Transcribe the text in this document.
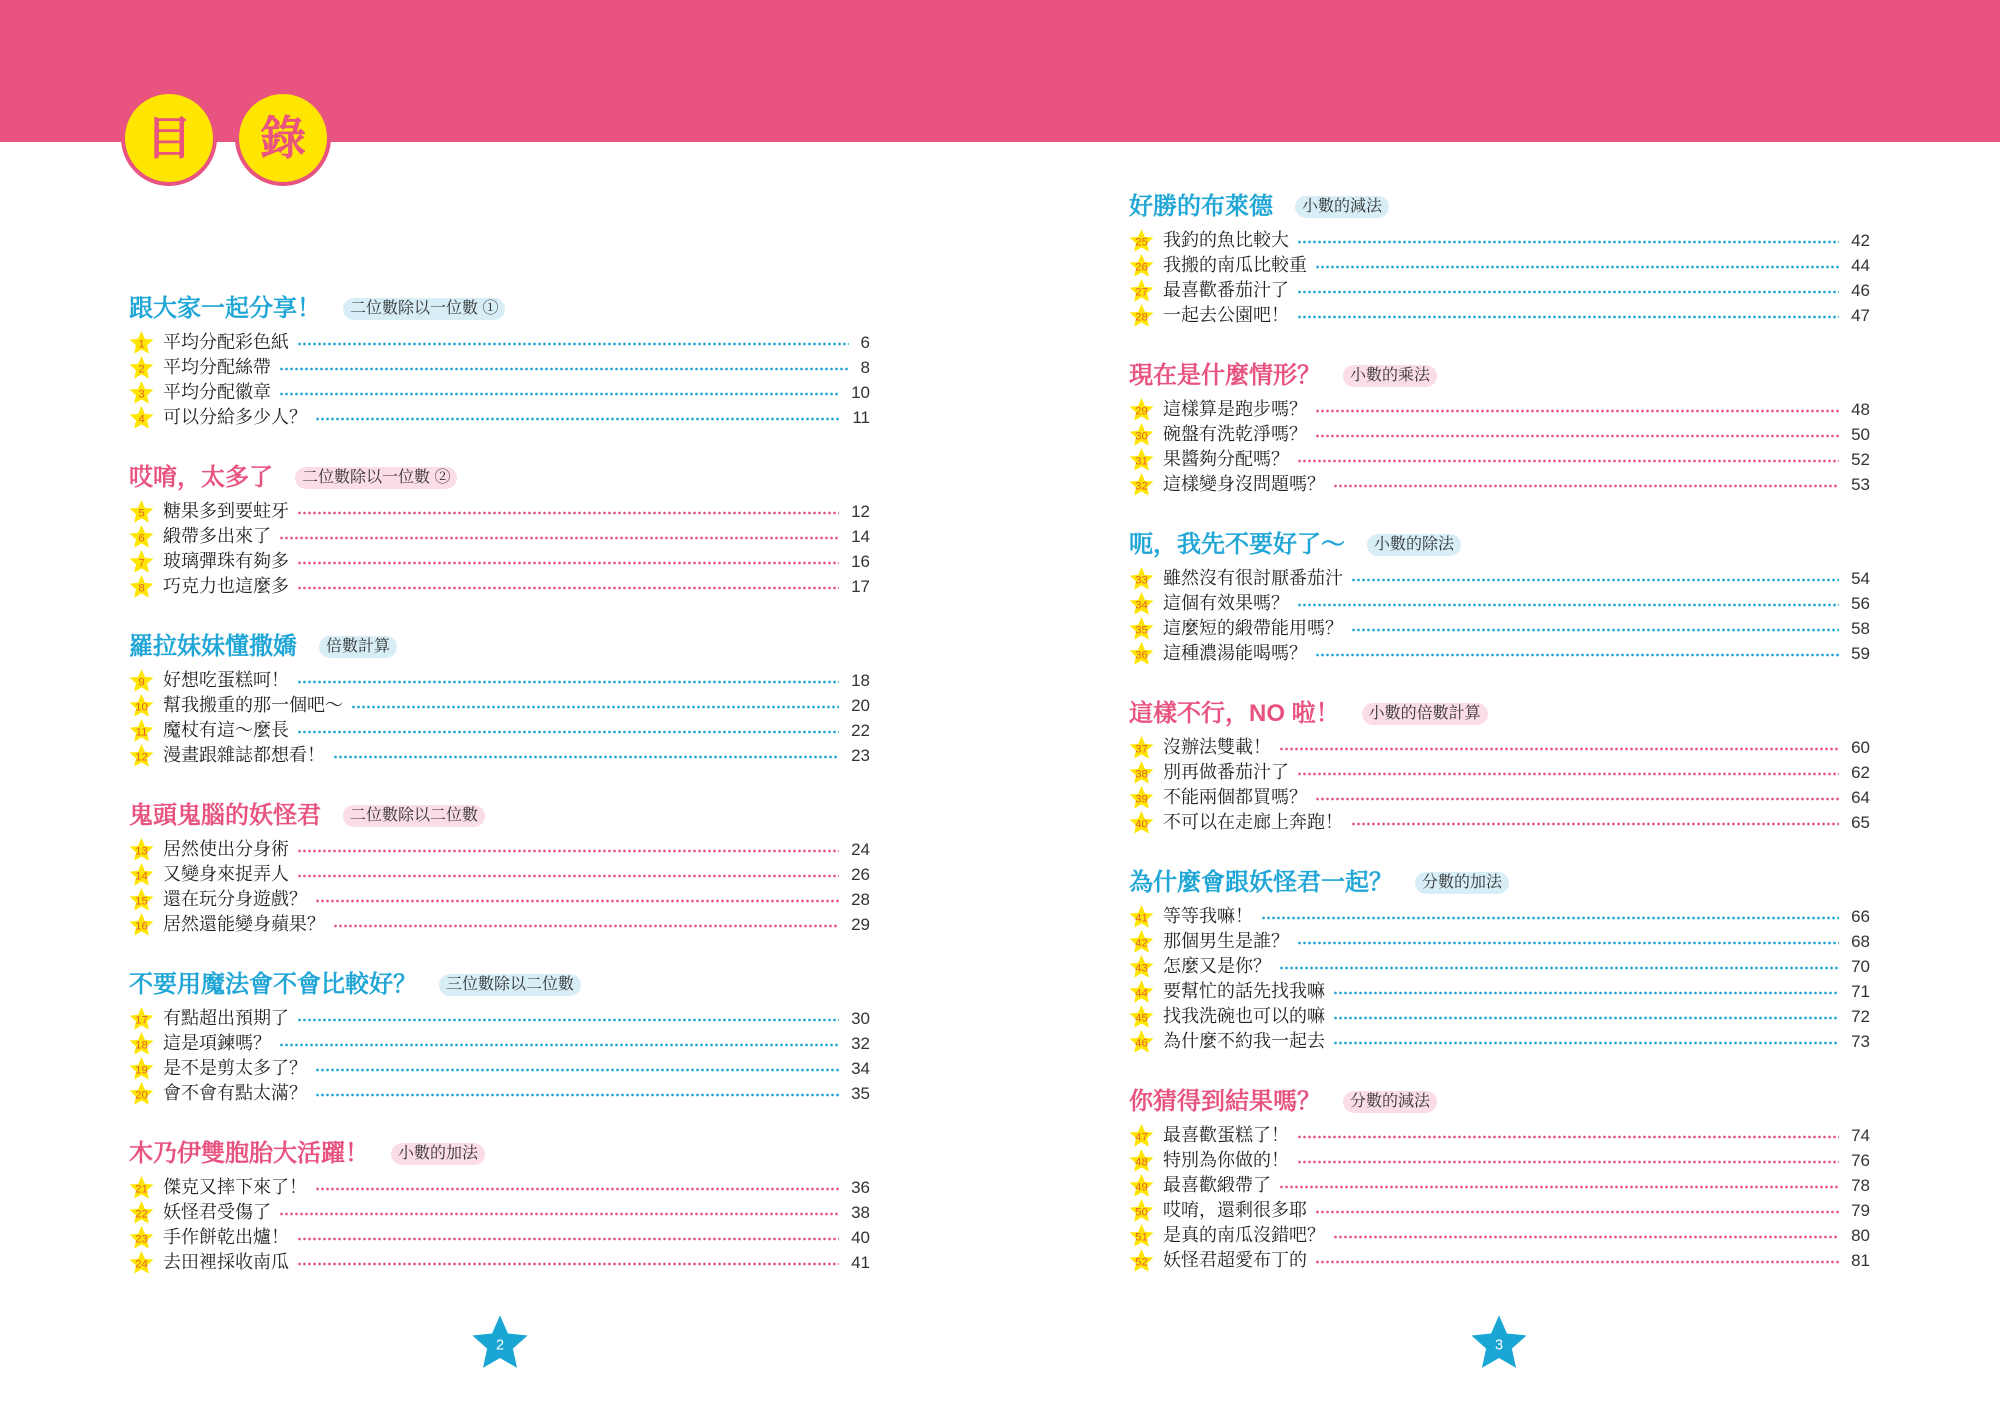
目	錄
跟大家一起分享！	二位數除以一位數 ①
1 平均分配彩色紙	6
2 平均分配絲帶	8
3 平均分配徽章	10
4 可以分給多少人？	11
哎唷，太多了	二位數除以一位數 ②
5 糖果多到要蛀牙	12
6 緞帶多出來了	14
7 玻璃彈珠有夠多	16
8 巧克力也這麼多	17
羅拉妹妹懂撒嬌	倍數計算
9 好想吃蛋糕呵！	18
10 幫我搬重的那一個吧～	20
11 魔杖有這～麼長	22
12 漫畫跟雜誌都想看！	23
鬼頭鬼腦的妖怪君	二位數除以二位數
13 居然使出分身術	24
14 又變身來捉弄人	26
15 還在玩分身遊戲？	28
16 居然還能變身蘋果？	29
不要用魔法會不會比較好？	三位數除以二位數
17 有點超出預期了	30
18 這是項鍊嗎？	32
19 是不是剪太多了？	34
20 會不會有點太滿？	35
木乃伊雙胞胎大活躍！	小數的加法
21 傑克又摔下來了！	36
22 妖怪君受傷了	38
23 手作餅乾出爐！	40
24 去田裡採收南瓜	41
好勝的布萊德	小數的減法
25 我釣的魚比較大	42
26 我搬的南瓜比較重	44
27 最喜歡番茄汁了	46
28 一起去公園吧！	47
現在是什麼情形？	小數的乘法
29 這樣算是跑步嗎？	48
30 碗盤有洗乾淨嗎？	50
31 果醬夠分配嗎？	52
32 這樣變身沒問題嗎？	53
呃，我先不要好了～	小數的除法
33 雖然沒有很討厭番茄汁	54
34 這個有效果嗎？	56
35 這麼短的緞帶能用嗎？	58
36 這種濃湯能喝嗎？	59
這樣不行，NO 啦！	小數的倍數計算
37 沒辦法雙載！	60
38 別再做番茄汁了	62
39 不能兩個都買嗎？	64
40 不可以在走廊上奔跑！	65
為什麼會跟妖怪君一起？	分數的加法
41 等等我嘛！	66
42 那個男生是誰？	68
43 怎麼又是你？	70
44 要幫忙的話先找我嘛	71
45 找我洗碗也可以的嘛	72
46 為什麼不約我一起去	73
你猜得到結果嗎？	分數的減法
47 最喜歡蛋糕了！	74
48 特別為你做的！	76
49 最喜歡緞帶了	78
50 哎唷，還剩很多耶	79
51 是真的南瓜沒錯吧？	80
52 妖怪君超愛布丁的	81
2	3
